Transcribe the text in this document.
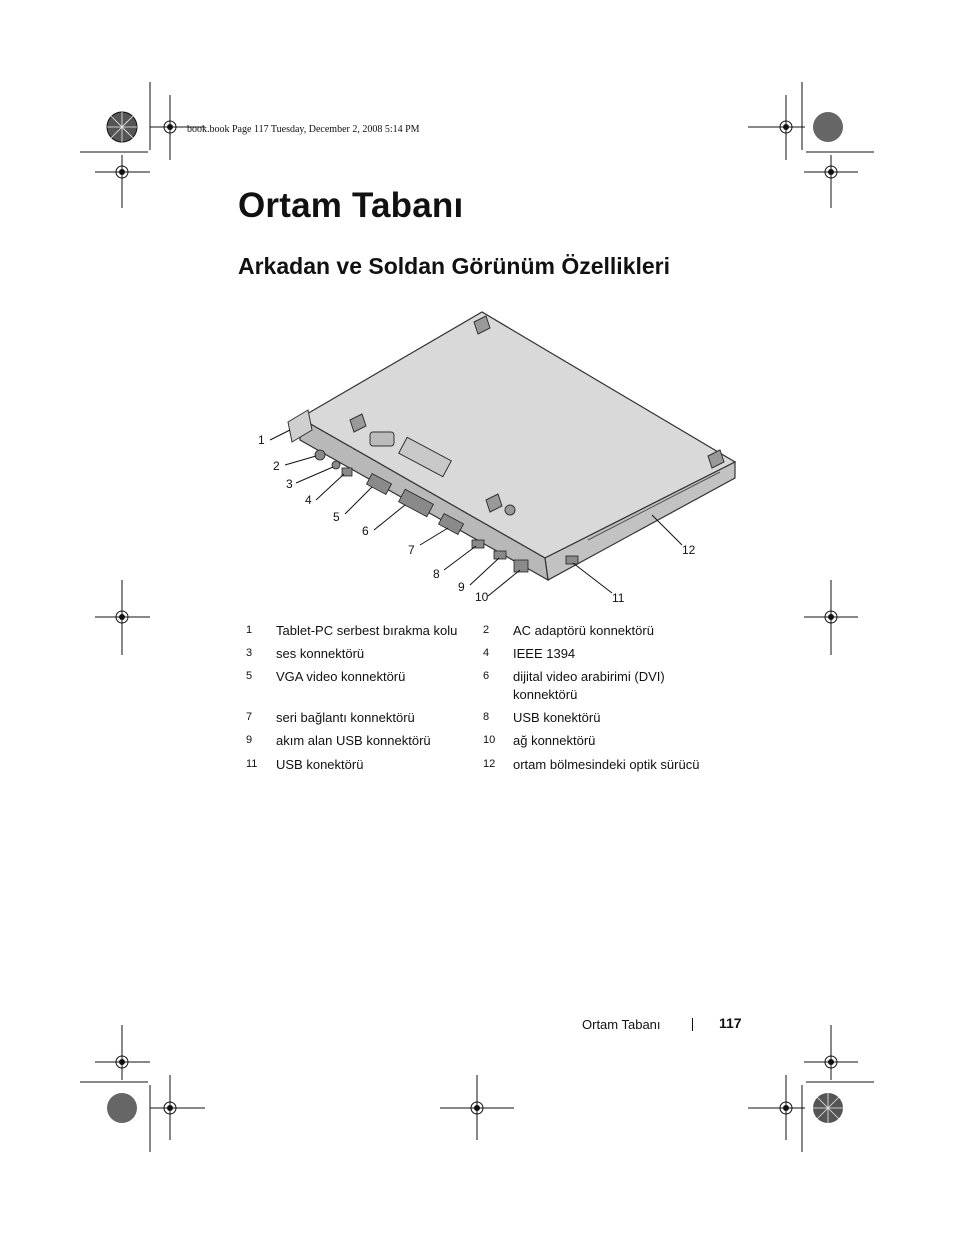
book.book Page 117 Tuesday, December 2, 2008 5:14 PM
Ortam Tabanı
Arkadan ve Soldan Görünüm Özellikleri
1
2
3
4
5
6
7
8
9
10	11
12
1	Tablet-PC serbest bırakma kolu	2	AC adaptörü konnektörü
3	ses konnektörü	4	IEEE 1394
5	VGA video konnektörü	6	dijital video arabirimi (DVI) konnektörü
7	seri bağlantı konnektörü	8	USB konektörü
9	akım alan USB konnektörü	10	ağ konnektörü
11	USB konektörü	12	ortam bölmesindeki optik sürücü
Ortam Tabanı	117
